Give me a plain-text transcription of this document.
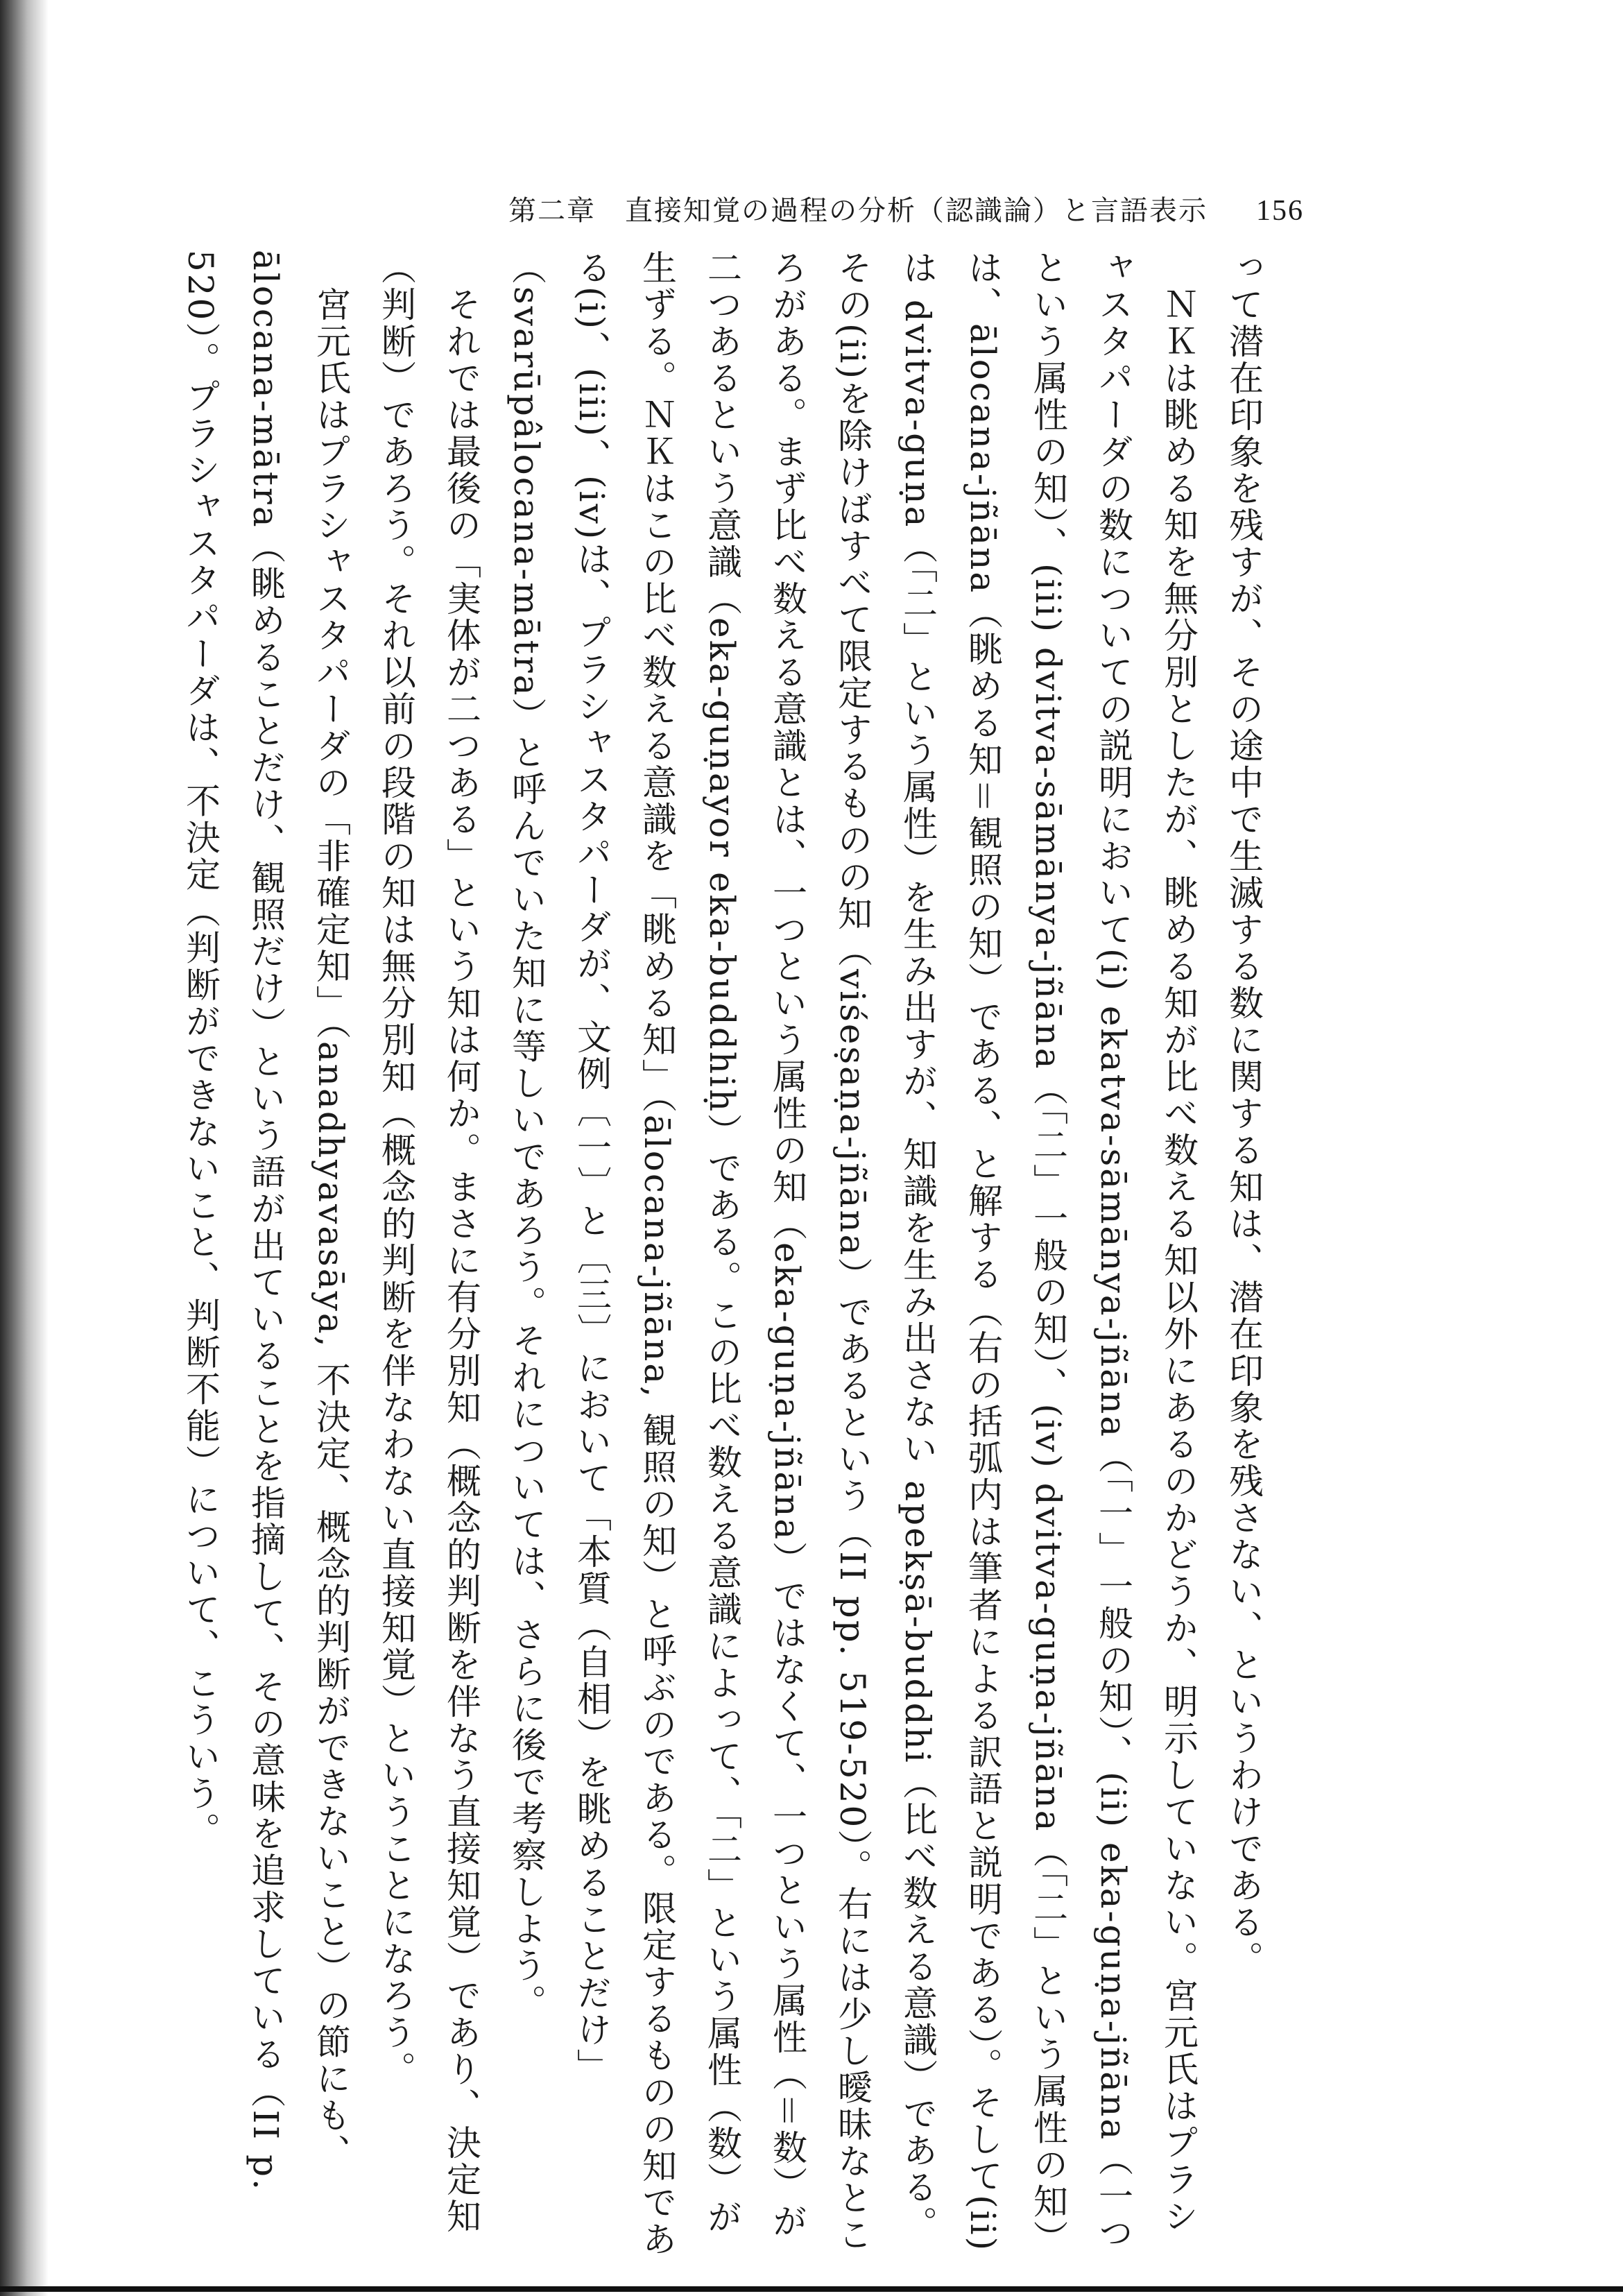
第二章　直接知覚の過程の分析（認識論）と言語表示 156

って潜在印象を残すが、その途中で生滅する数に関する知は、潜在印象を残さない、というわけである。

　ＮＫは眺める知を無分別としたが、眺める知が比べ数える知以外にあるのかどうか、明示していない。宮元氏はプラシャスタパーダの数についての説明において(i) ekatva-sāmānya-jñāna（「一」一般の知）、(ii) eka-guṇa-jñāna（一つという属性の知）、(iii) dvitva-sāmānya-jñāna（「二」一般の知）、(iv) dvitva-guṇa-jñāna（「二」という属性の知）は、ālocana-jñāna（眺める知＝観照の知）である、と解する（右の括弧内は筆者による訳語と説明である）。そして(ii)は dvitva-guṇa（「二」という属性）を生み出すが、知識を生み出さない apekṣā-buddhi（比べ数える意識）である。その(ii)を除けばすべて限定するものの知（viśeṣaṇa-jñāna）であるという（II pp. 519-520）。右には少し曖昧なところがある。まず比べ数える意識とは、一つという属性の知（eka-guṇa-jñāna）ではなくて、一つという属性（＝数）が二つあるという意識（eka-guṇayor eka-buddhiḥ）である。この比べ数える意識によって、「二」という属性（数）が生ずる。ＮＫはこの比べ数える意識を「眺める知」（ālocana-jñāna, 観照の知）と呼ぶのである。限定するものの知である(i)、(iii)、(iv)は、プラシャスタパーダが、文例〔一〕と〔三〕において「本質（自相）を眺めることだけ」（svarūpâlocana-mātra）と呼んでいた知に等しいであろう。それについては、さらに後で考察しよう。

　それでは最後の「実体が二つある」という知は何か。まさに有分別知（概念的判断を伴なう直接知覚）であり、決定知（判断）であろう。それ以前の段階の知は無分別知（概念的判断を伴なわない直接知覚）ということになろう。

　宮元氏はプラシャスタパーダの「非確定知」（anadhyavasāya, 不決定、概念的判断ができないこと）の節にも、ālocana-mātra（眺めることだけ、観照だけ）という語が出ていることを指摘して、その意味を追求している（II p. 520）。プラシャスタパーダは、不決定（判断ができないこと、判断不能）について、こういう。
